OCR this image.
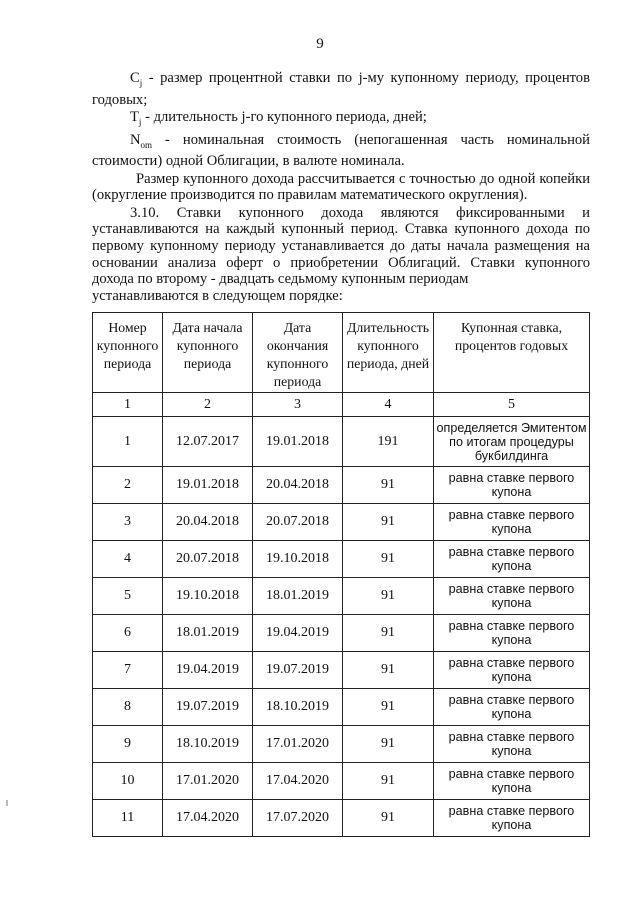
9

$C_j$ - размер процентной ставки по j-му купонному периоду, процентов годовых;

$T_j$ - длительность j-го купонного периода, дней;

$N_{om}$ - номинальная стоимость (непогашенная часть номинальной стоимости) одной Облигации, в валюте номинала.

Размер купонного дохода рассчитывается с точностью до одной копейки (округление производится по правилам математического округления).

3.10. Ставки купонного дохода являются фиксированными и устанавливаются на каждый купонный период. Ставка купонного дохода по первому купонному периоду устанавливается до даты начала размещения на основании анализа оферт о приобретении Облигаций. Ставки купонного дохода по второму - двадцать седьмому купонным периодам

устанавливаются в следующем порядке:

Номер купонного периода	Дата начала купонного периода	Дата окончания купонного периода	Длительность купонного периода, дней	Купонная ставка, процентов годовых
1	2	3	4	5
1	12.07.2017	19.01.2018	191	определяется Эмитентом по итогам процедуры букбилдинга
2	19.01.2018	20.04.2018	91	равна ставке первого купона
3	20.04.2018	20.07.2018	91	равна ставке первого купона
4	20.07.2018	19.10.2018	91	равна ставке первого купона
5	19.10.2018	18.01.2019	91	равна ставке первого купона
6	18.01.2019	19.04.2019	91	равна ставке первого купона
7	19.04.2019	19.07.2019	91	равна ставке первого купона
8	19.07.2019	18.10.2019	91	равна ставке первого купона
9	18.10.2019	17.01.2020	91	равна ставке первого купона
10	17.01.2020	17.04.2020	91	равна ставке первого купона
11	17.04.2020	17.07.2020	91	равна ставке первого купона
